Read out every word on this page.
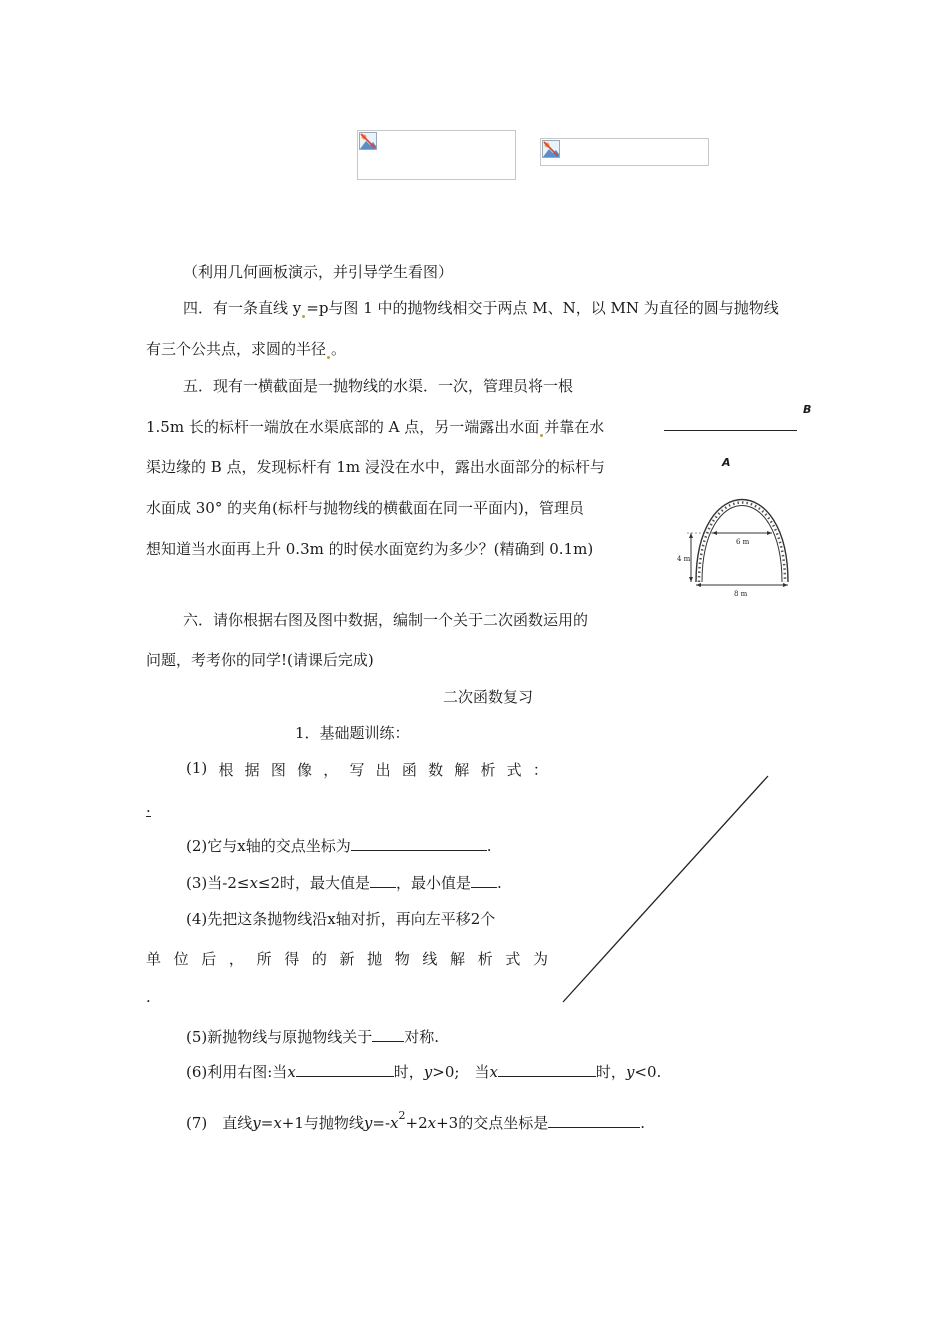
（利用几何画板演示，并引导学生看图）
四．有一条直线 y =p与图 1 中的抛物线相交于两点 M、N，以 MN 为直径的圆与抛物线
有三个公共点，求圆的半径 。
五．现有一横截面是一抛物线的水渠．一次，管理员将一根
1.5m 长的标杆一端放在水渠底部的 A 点，另一端露出水面 并靠在水
渠边缘的 B 点，发现标杆有 1m 浸没在水中，露出水面部分的标杆与
水面成 30° 的夹角(标杆与抛物线的横截面在同一平面内)，管理员
想知道当水面再上升 0.3m 的时侯水面宽约为多少？(精确到 0.1m)
B
A
6 m
4 m
8 m
六．请你根据右图及图中数据，编制一个关于二次函数运用的
问题，考考你的同学!(请课后完成)
二次函数复习
1．基础题训练：
(1) 根 据 图 像 ， 写 出 函 数 解 析 式 ：
.
(2)它与x轴的交点坐标为	.
(3)当-2≤x≤2时，最大值是 ，最小值是 .
(4)先把这条抛物线沿x轴对折，再向左平移2个
单 位 后 ， 所 得 的 新 抛 物 线 解 析 式 为
.
(5)新抛物线与原抛物线关于 对称.
(6)利用右图:当x	时，y>0;　当x	时，y<0.
(7)　直线y=x+1与抛物线$y=-x^2+2x+3$的交点坐标是	.
